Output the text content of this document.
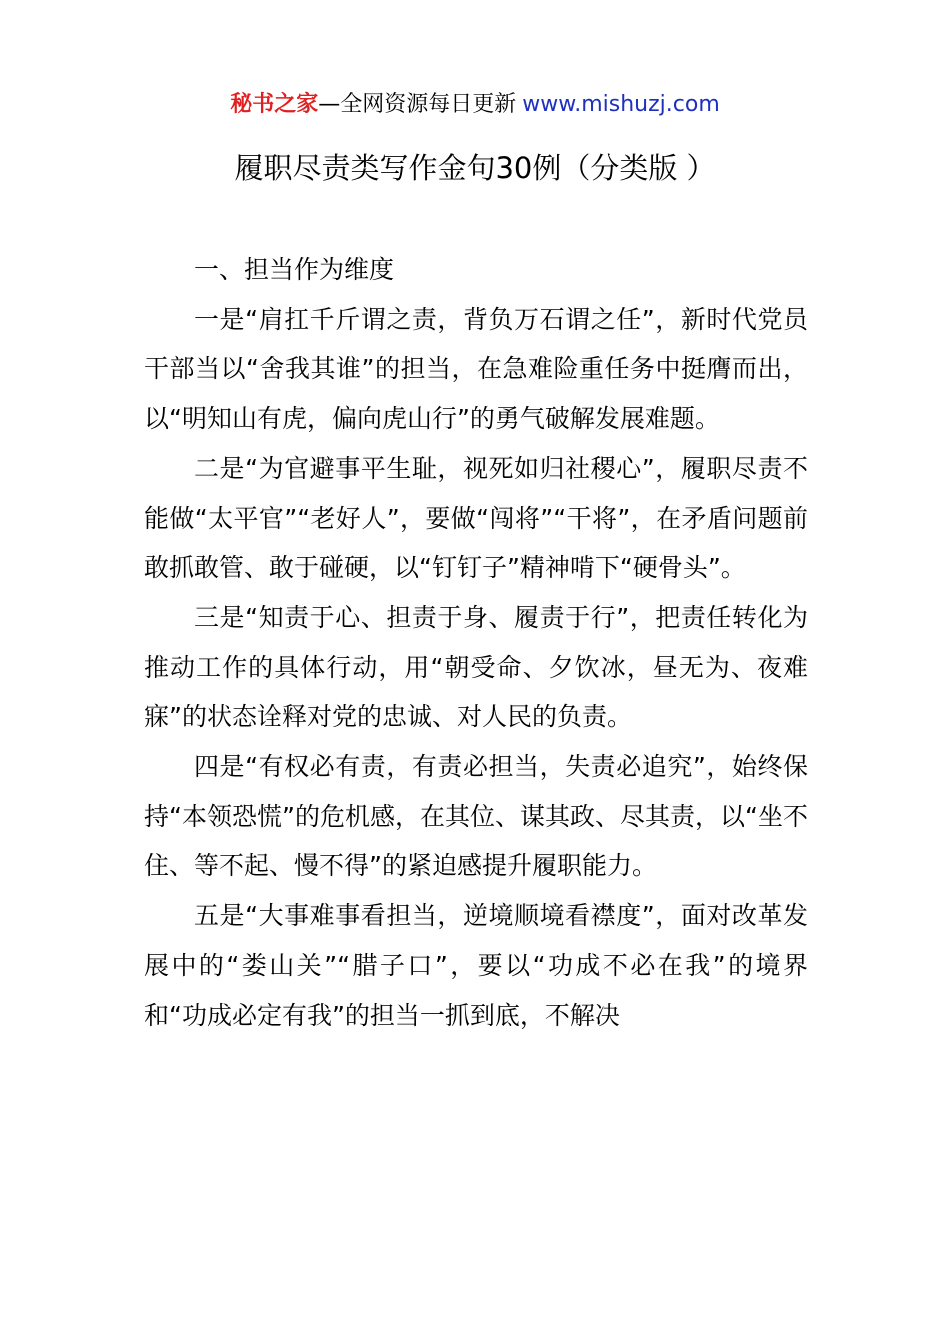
秘书之家—全网资源每日更新 www.mishuzj.com
履职尽责类写作金句30例（分类版 ）

一、担当作为维度

一是“肩扛千斤谓之责，背负万石谓之任”，新时代党员干部当以“舍我其谁”的担当，在急难险重任务中挺膺而出，以“明知山有虎，偏向虎山行”的勇气破解发展难题。

二是“为官避事平生耻，视死如归社稷心”，履职尽责不能做“太平官”“老好人”，要做“闯将”“干将”，在矛盾问题前敢抓敢管、敢于碰硬，以“钉钉子”精神啃下“硬骨头”。

三是“知责于心、担责于身、履责于行”，把责任转化为推动工作的具体行动，用“朝受命、夕饮冰，昼无为、夜难寐”的状态诠释对党的忠诚、对人民的负责。

四是“有权必有责，有责必担当，失责必追究”，始终保持“本领恐慌”的危机感，在其位、谋其政、尽其责，以“坐不住、等不起、慢不得”的紧迫感提升履职能力。

五是“大事难事看担当，逆境顺境看襟度”，面对改革发展中的“娄山关”“腊子口”，要以“功成不必在我”的境界和“功成必定有我”的担当一抓到底，不解决
